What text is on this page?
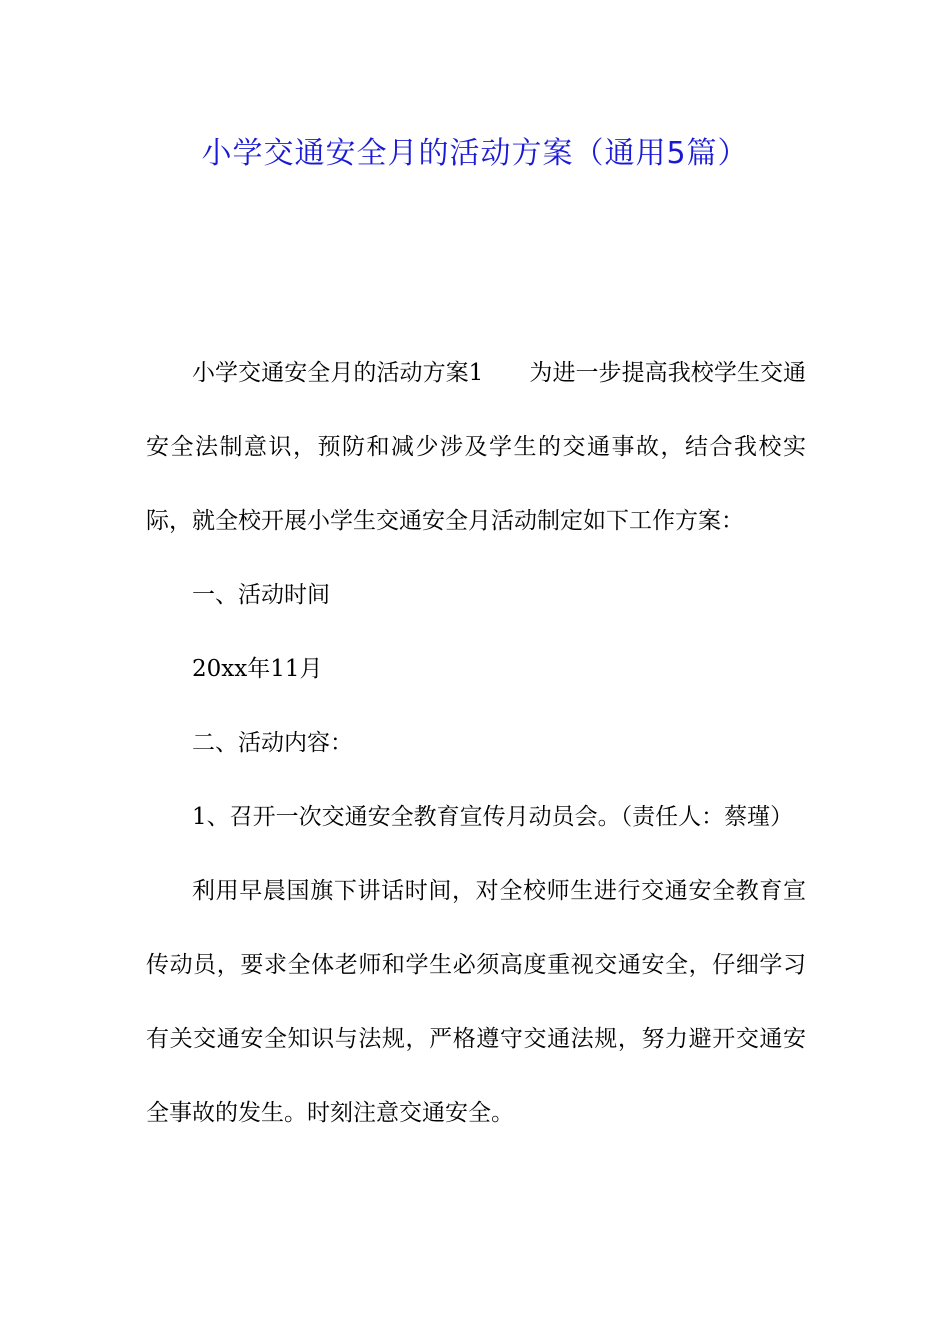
小学交通安全月的活动方案（通用5篇）

小学交通安全月的活动方案1 为进一步提高我校学生交通安全法制意识，预防和减少涉及学生的交通事故，结合我校实际，就全校开展小学生交通安全月活动制定如下工作方案：

一、活动时间

20xx年11月

二、活动内容：

1、召开一次交通安全教育宣传月动员会。（责任人：蔡瑾）

利用早晨国旗下讲话时间，对全校师生进行交通安全教育宣传动员，要求全体老师和学生必须高度重视交通安全，仔细学习有关交通安全知识与法规，严格遵守交通法规，努力避开交通安全事故的发生。时刻注意交通安全。
